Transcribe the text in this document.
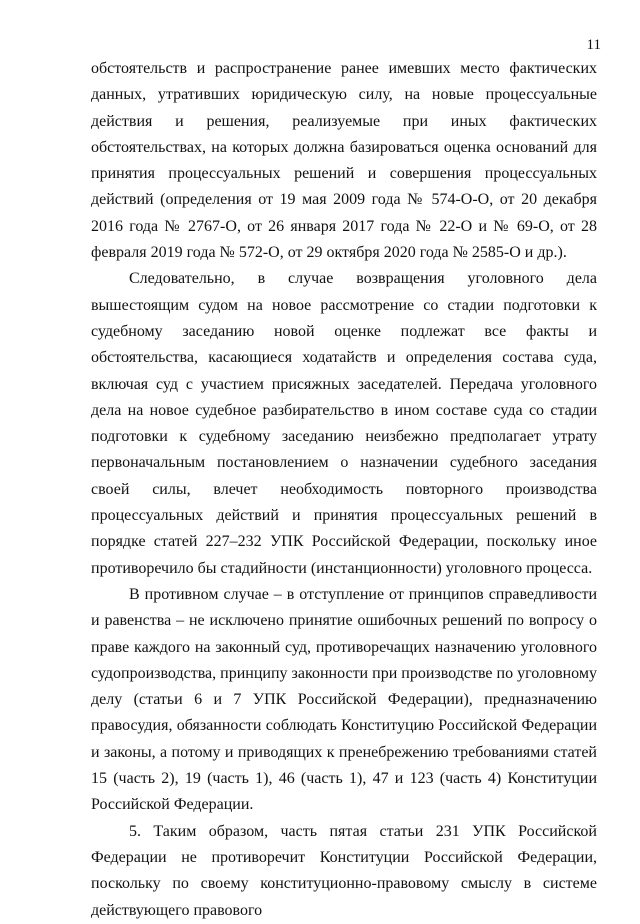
11

обстоятельств и распространение ранее имевших место фактических данных, утративших юридическую силу, на новые процессуальные действия и решения, реализуемые при иных фактических обстоятельствах, на которых должна базироваться оценка оснований для принятия процессуальных решений и совершения процессуальных действий (определения от 19 мая 2009 года № 574-О-О, от 20 декабря 2016 года № 2767-О, от 26 января 2017 года № 22-О и № 69-О, от 28 февраля 2019 года № 572-О, от 29 октября 2020 года № 2585-О и др.).

Следовательно, в случае возвращения уголовного дела вышестоящим судом на новое рассмотрение со стадии подготовки к судебному заседанию новой оценке подлежат все факты и обстоятельства, касающиеся ходатайств и определения состава суда, включая суд с участием присяжных заседателей. Передача уголовного дела на новое судебное разбирательство в ином составе суда со стадии подготовки к судебному заседанию неизбежно предполагает утрату первоначальным постановлением о назначении судебного заседания своей силы, влечет необходимость повторного производства процессуальных действий и принятия процессуальных решений в порядке статей 227–232 УПК Российской Федерации, поскольку иное противоречило бы стадийности (инстанционности) уголовного процесса.

В противном случае – в отступление от принципов справедливости и равенства – не исключено принятие ошибочных решений по вопросу о праве каждого на законный суд, противоречащих назначению уголовного судопроизводства, принципу законности при производстве по уголовному делу (статьи 6 и 7 УПК Российской Федерации), предназначению правосудия, обязанности соблюдать Конституцию Российской Федерации и законы, а потому и приводящих к пренебрежению требованиями статей 15 (часть 2), 19 (часть 1), 46 (часть 1), 47 и 123 (часть 4) Конституции Российской Федерации.

5. Таким образом, часть пятая статьи 231 УПК Российской Федерации не противоречит Конституции Российской Федерации, поскольку по своему конституционно-правовому смыслу в системе действующего правового
